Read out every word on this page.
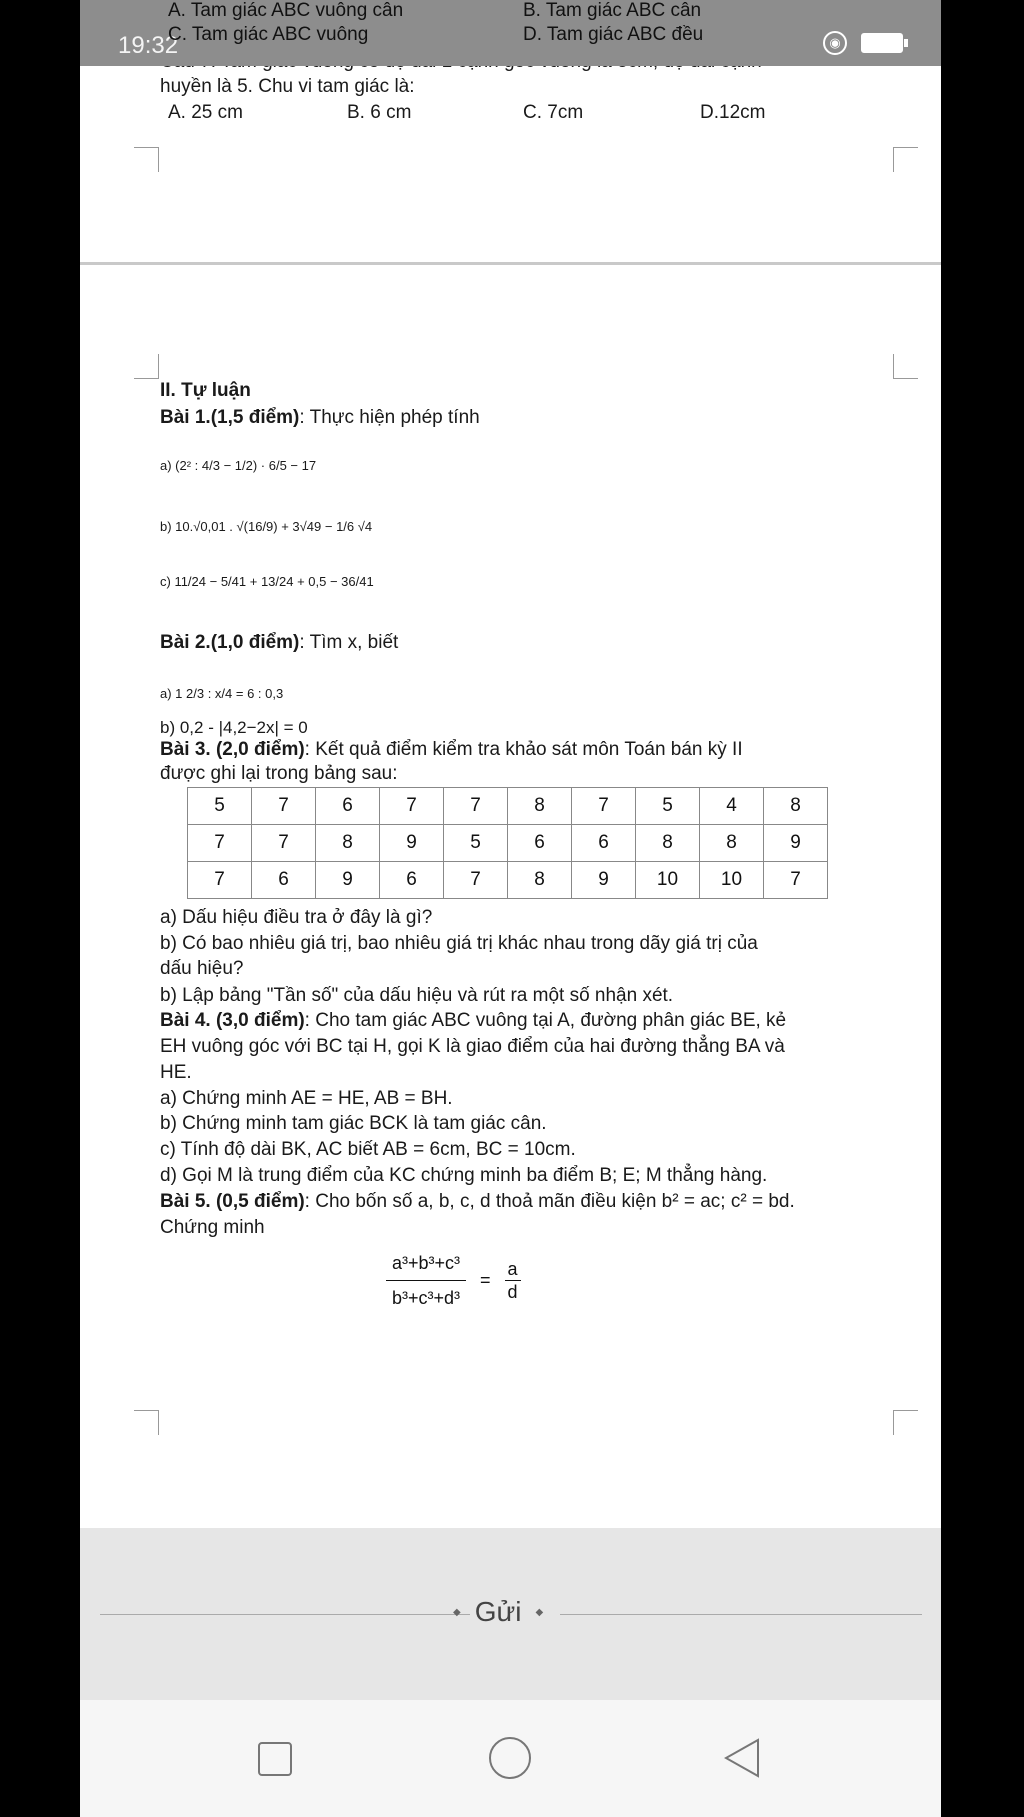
19:32	◉
A. Tam giác ABC vuông cân	B. Tam giác ABC cân
C. Tam giác ABC vuông	D. Tam giác ABC đều
huyền là 5. Chu vi tam giác là:
A. 25 cm	B. 6 cm	C. 7cm	D.12cm
II. Tự luận
Bài 1.(1,5 điểm): Thực hiện phép tính
a) (2² : 4/3 − 1/2) · 6/5 − 17
b) 10.√0,01 . √(16/9) + 3√49 − 1/6 √4
c) 11/24 − 5/41 + 13/24 + 0,5 − 36/41
Bài 2.(1,0 điểm): Tìm x, biết
a) 1 2/3 : x/4 = 6 : 0,3
b) 0,2 - |4,2−2x| = 0
Bài 3. (2,0 điểm): Kết quả điểm kiểm tra khảo sát môn Toán bán kỳ II
được ghi lại trong bảng sau:
5	7	6	7	7	8	7	5	4	8
7	7	8	9	5	6	6	8	8	9
7	6	9	6	7	8	9	10	10	7
a) Dấu hiệu điều tra ở đây là gì?
b) Có bao nhiêu giá trị, bao nhiêu giá trị khác nhau trong dãy giá trị của
dấu hiệu?
b) Lập bảng "Tần số" của dấu hiệu và rút ra một số nhận xét.
Bài 4. (3,0 điểm): Cho tam giác ABC vuông tại A, đường phân giác BE, kẻ
EH vuông góc với BC tại H, gọi K là giao điểm của hai đường thẳng BA và
HE.
a) Chứng minh AE = HE, AB = BH.
b) Chứng minh tam giác BCK là tam giác cân.
c) Tính độ dài BK, AC biết AB = 6cm, BC = 10cm.
d) Gọi M là trung điểm của KC chứng minh ba điểm B; E; M thẳng hàng.
Bài 5. (0,5 điểm): Cho bốn số a, b, c, d thoả mãn điều kiện b² = ac; c² = bd.
Chứng minh
$\frac{\text{a³+b³+c³}}{\text{b³+c³+d³}} = \frac{a}{d}$
◆ Gửi ◆
